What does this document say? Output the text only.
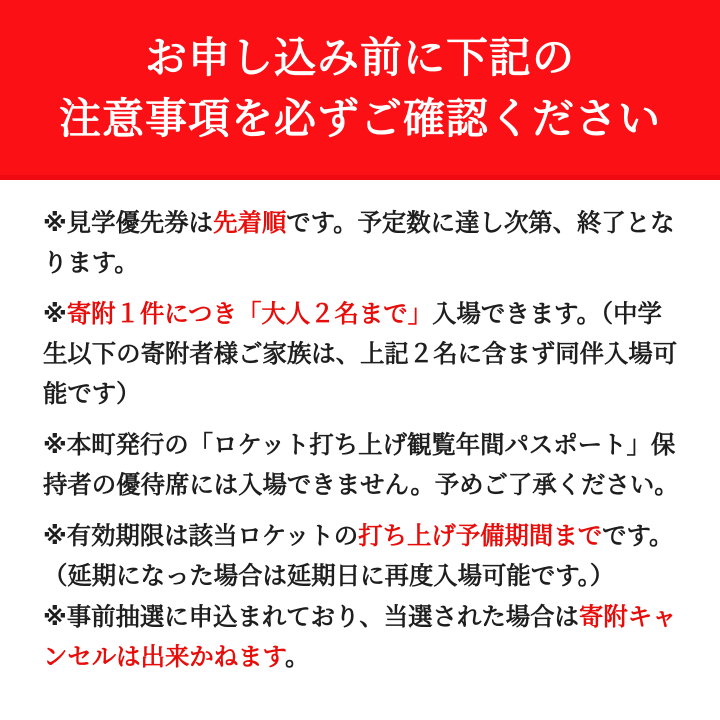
お申し込み前に下記の
注意事項を必ずご確認ください

※見学優先券は先着順です。予定数に達し次第、終了とな
ります。

※寄附１件につき「大人２名まで」入場できます。（中学
生以下の寄附者様ご家族は、上記２名に含まず同伴入場可
能です）

※本町発行の「ロケット打ち上げ観覧年間パスポート」保
持者の優待席には入場できません。予めご了承ください。

※有効期限は該当ロケットの打ち上げ予備期間までです。
（延期になった場合は延期日に再度入場可能です。）

※事前抽選に申込まれており、当選された場合は寄附キャ
ンセルは出来かねます。
